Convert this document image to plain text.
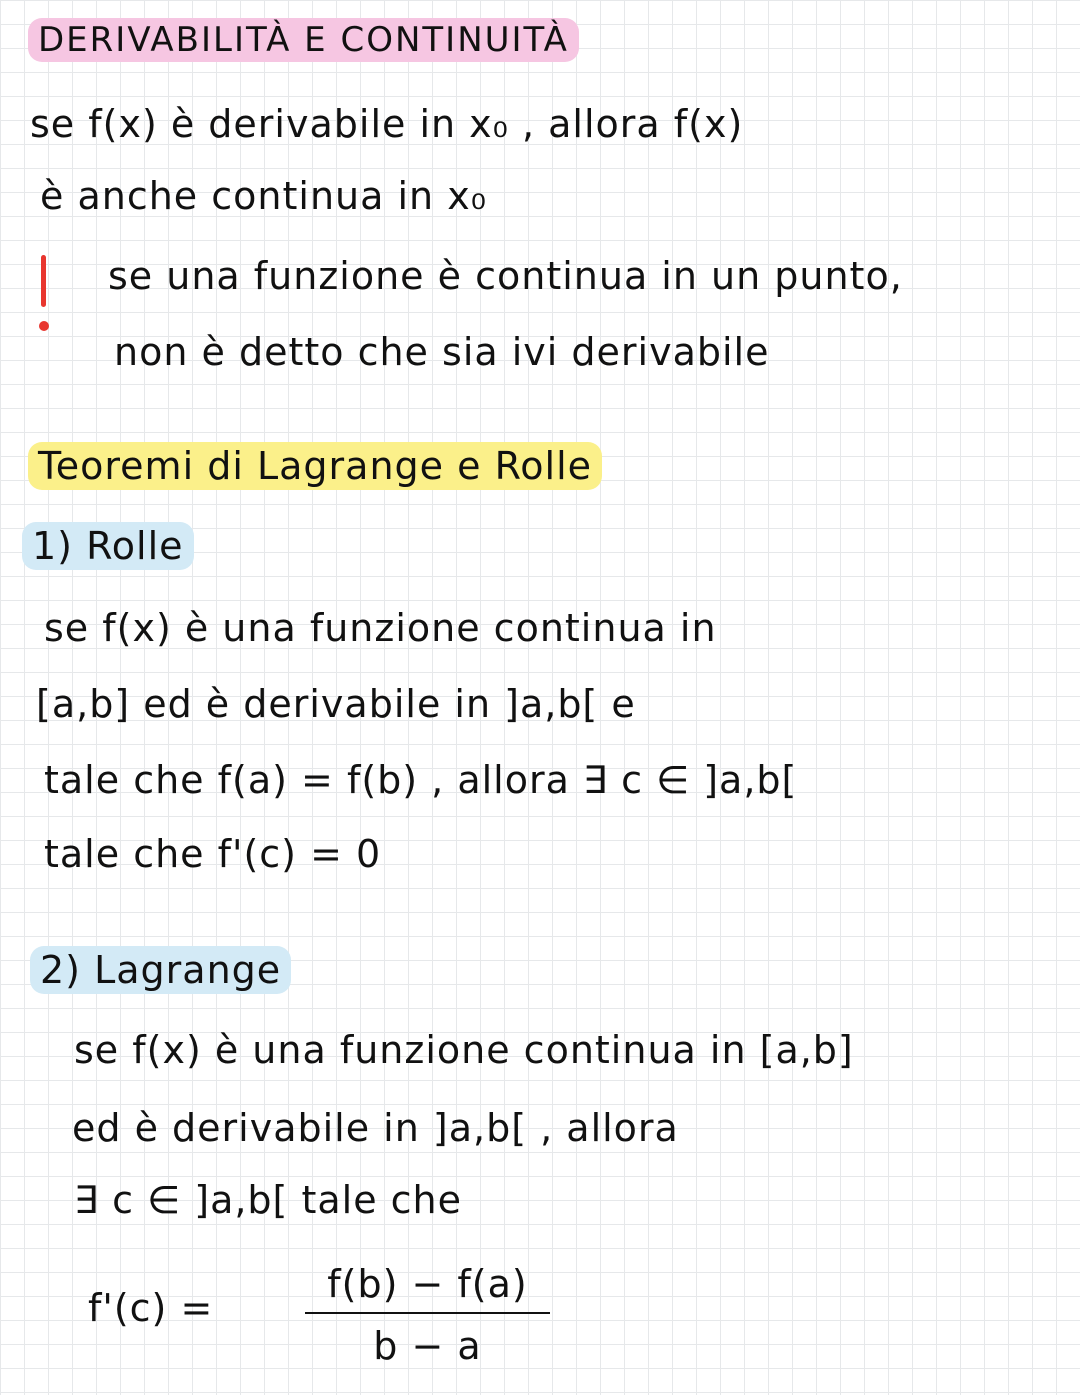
DERIVABILITÀ E CONTINUITÀ
se f(x) è derivabile in x₀ , allora f(x)
è anche continua in x₀
se una funzione è continua in un punto,
non è detto che sia ivi derivabile
Teoremi di Lagrange e Rolle
1) Rolle
se f(x) è una funzione continua in
[a,b] ed è derivabile in ]a,b[ e
tale che f(a) = f(b) , allora ∃ c ∈ ]a,b[
tale che f'(c) = 0
2) Lagrange
se f(x) è una funzione continua in [a,b]
ed è derivabile in ]a,b[ , allora
∃ c ∈ ]a,b[ tale che
f'(c) =
f(b) − f(a)
b − a
